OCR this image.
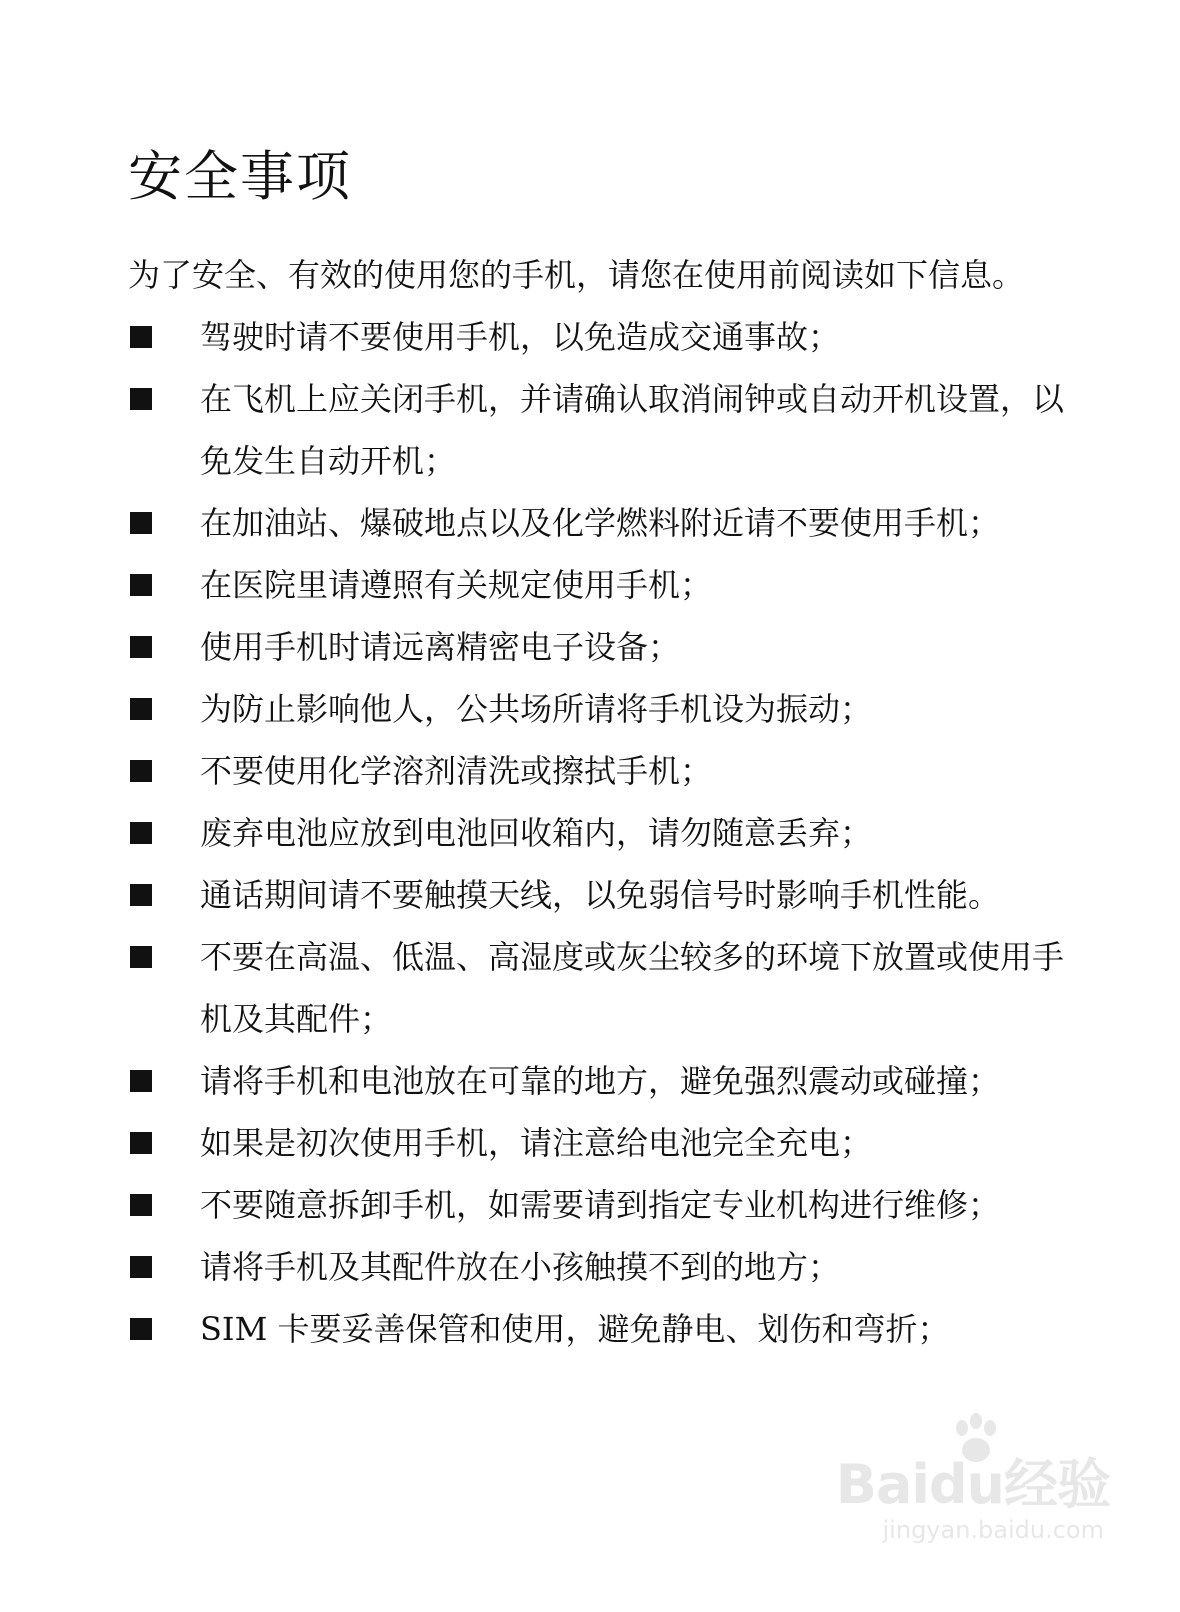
安全事项

为了安全、有效的使用您的手机，请您在使用前阅读如下信息。

驾驶时请不要使用手机，以免造成交通事故；
在飞机上应关闭手机，并请确认取消闹钟或自动开机设置，以免发生自动开机；
在加油站、爆破地点以及化学燃料附近请不要使用手机；
在医院里请遵照有关规定使用手机；
使用手机时请远离精密电子设备；
为防止影响他人，公共场所请将手机设为振动；
不要使用化学溶剂清洗或擦拭手机；
废弃电池应放到电池回收箱内，请勿随意丢弃；
通话期间请不要触摸天线，以免弱信号时影响手机性能。
不要在高温、低温、高湿度或灰尘较多的环境下放置或使用手机及其配件；
请将手机和电池放在可靠的地方，避免强烈震动或碰撞；
如果是初次使用手机，请注意给电池完全充电；
不要随意拆卸手机，如需要请到指定专业机构进行维修；
请将手机及其配件放在小孩触摸不到的地方；
SIM 卡要妥善保管和使用，避免静电、划伤和弯折；
Baidu经验
jingyan.baidu.com
